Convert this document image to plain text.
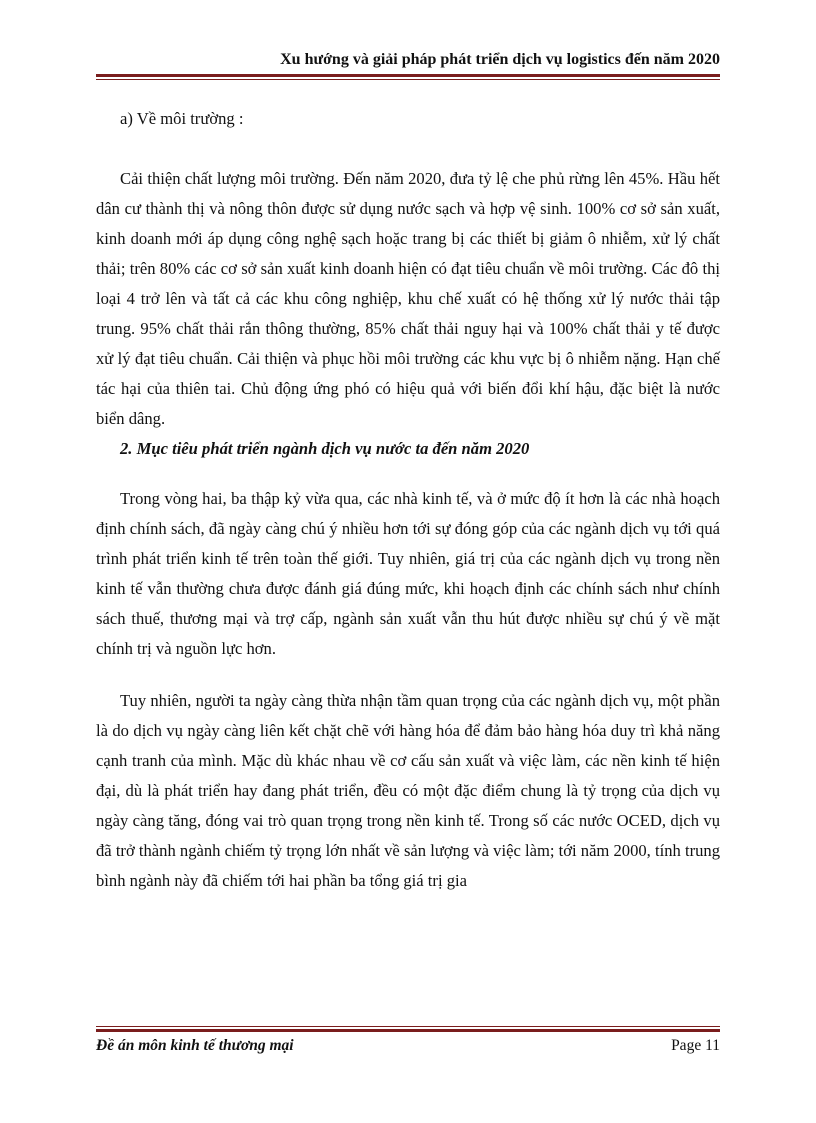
Xu hướng và giải pháp phát triển dịch vụ logistics đến năm 2020

a) Về môi trường :

Cải thiện chất lượng môi trường. Đến năm 2020, đưa tỷ lệ che phủ rừng lên 45%. Hầu hết dân cư thành thị và nông thôn được sử dụng nước sạch và hợp vệ sinh. 100% cơ sở sản xuất, kinh doanh mới áp dụng công nghệ sạch hoặc trang bị các thiết bị giảm ô nhiễm, xử lý chất thải; trên 80% các cơ sở sản xuất kinh doanh hiện có đạt tiêu chuẩn về môi trường. Các đô thị loại 4 trở lên và tất cả các khu công nghiệp, khu chế xuất có hệ thống xử lý nước thải tập trung. 95% chất thải rắn thông thường, 85% chất thải nguy hại và 100% chất thải y tế được xử lý đạt tiêu chuẩn. Cải thiện và phục hồi môi trường các khu vực bị ô nhiễm nặng. Hạn chế tác hại của thiên tai. Chủ động ứng phó có hiệu quả với biến đổi khí hậu, đặc biệt là nước biển dâng.

2. Mục tiêu phát triển ngành dịch vụ nước ta đến năm 2020

Trong vòng hai, ba thập kỷ vừa qua, các nhà kinh tế, và ở mức độ ít hơn là các nhà hoạch định chính sách, đã ngày càng chú ý nhiều hơn tới sự đóng góp của các ngành dịch vụ tới quá trình phát triển kinh tế trên toàn thế giới. Tuy nhiên, giá trị của các ngành dịch vụ trong nền kinh tế vẫn thường chưa được đánh giá đúng mức, khi hoạch định các chính sách như chính sách thuế, thương mại và trợ cấp, ngành sản xuất vẫn thu hút được nhiều sự chú ý về mặt chính trị và nguồn lực hơn.

Tuy nhiên, người ta ngày càng thừa nhận tầm quan trọng của các ngành dịch vụ, một phần là do dịch vụ ngày càng liên kết chặt chẽ với hàng hóa để đảm bảo hàng hóa duy trì khả năng cạnh tranh của mình. Mặc dù khác nhau về cơ cấu sản xuất và việc làm, các nền kinh tế hiện đại, dù là phát triển hay đang phát triển, đều có một đặc điểm chung là tỷ trọng của dịch vụ ngày càng tăng, đóng vai trò quan trọng trong nền kinh tế. Trong số các nước OCED, dịch vụ đã trở thành ngành chiếm tỷ trọng lớn nhất về sản lượng và việc làm; tới năm 2000, tính trung bình ngành này đã chiếm tới hai phần ba tổng giá trị gia

Đề án môn kinh tế thương mại	Page 11
